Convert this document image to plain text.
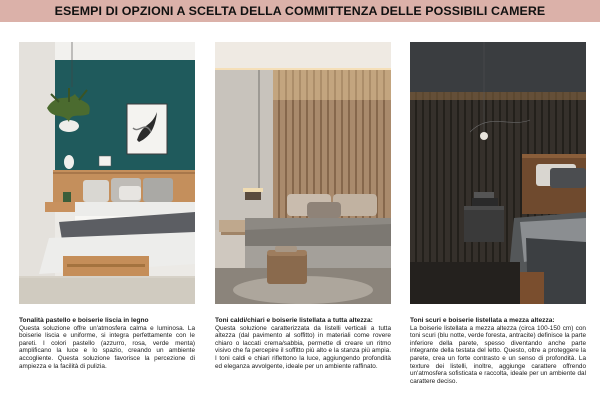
ESEMPI DI OPZIONI A SCELTA DELLA COMMITTENZA DELLE POSSIBILI CAMERE
Tonalità pastello e boiserie liscia in legno
Questa soluzione offre un'atmosfera calma e luminosa. La boiserie liscia e uniforme, si integra perfettamente con le pareti. I colori pastello (azzurro, rosa, verde menta) amplificano la luce e lo spazio, creando un ambiente accogliente. Questa soluzione favorisce la percezione di ampiezza e la facilità di pulizia.
Toni caldi/chiari e boiserie listellata a tutta altezza:
Questa soluzione caratterizzata da listelli verticali a tutta altezza (dal pavimento al soffitto) in materiali come rovere chiaro o laccati crema/sabbia, permette di creare un ritmo visivo che fa percepire il soffitto più alto e la stanza più ampia. I toni caldi e chiari riflettono la luce, aggiungendo profondità ed eleganza avvolgente, ideale per un ambiente raffinato.
Toni scuri e boiserie listellata a mezza altezza:
La boiserie listellata a mezza altezza (circa 100-150 cm) con toni scuri (blu notte, verde foresta, antracite) definisce la parte inferiore della parete, spesso diventando anche parte integrante della testata del letto. Questo, oltre a proteggere la parete, crea un forte contrasto e un senso di profondità. La texture dei listelli, inoltre, aggiunge carattere offrendo un'atmosfera sofisticata e raccolta, ideale per un ambiente dal carattere deciso.
